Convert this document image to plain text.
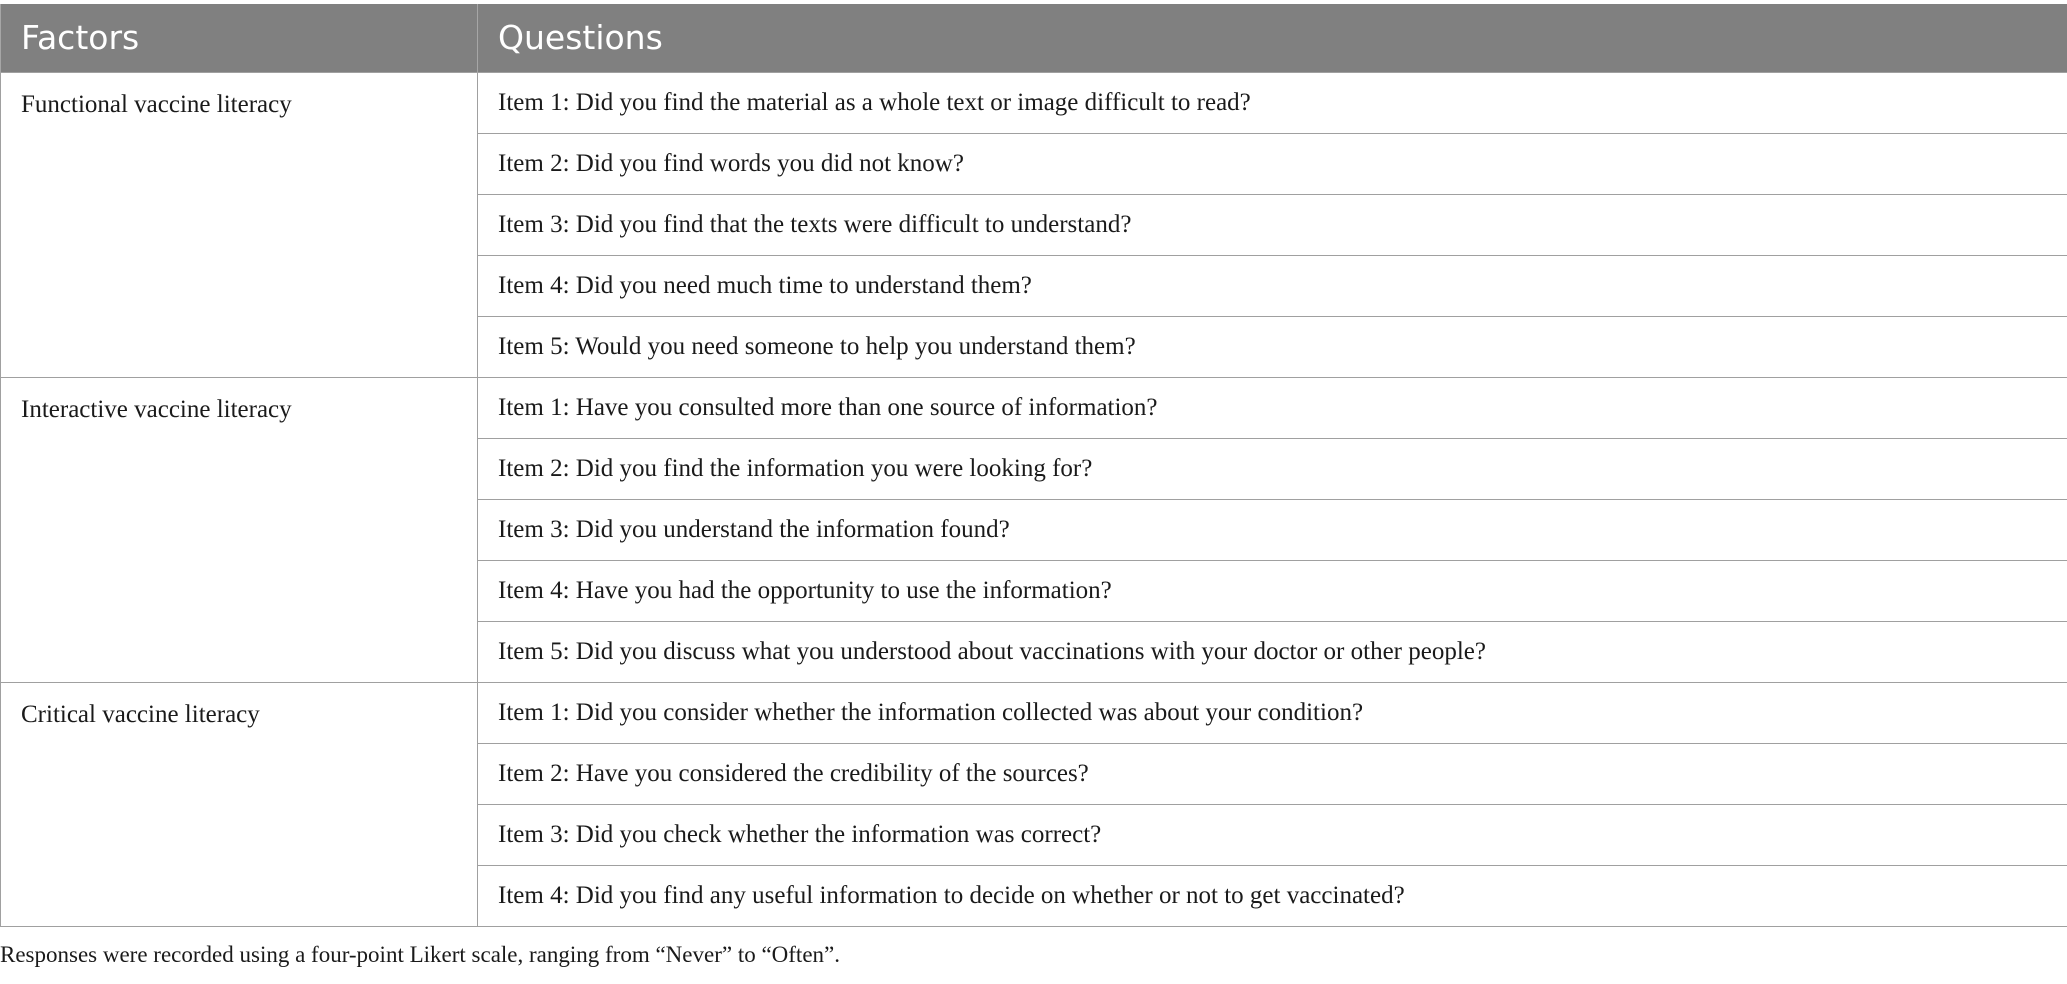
Factors	Questions
Functional vaccine literacy	Item 1: Did you find the material as a whole text or image difficult to read?
	Item 2: Did you find words you did not know?
	Item 3: Did you find that the texts were difficult to understand?
	Item 4: Did you need much time to understand them?
	Item 5: Would you need someone to help you understand them?
Interactive vaccine literacy	Item 1: Have you consulted more than one source of information?
	Item 2: Did you find the information you were looking for?
	Item 3: Did you understand the information found?
	Item 4: Have you had the opportunity to use the information?
	Item 5: Did you discuss what you understood about vaccinations with your doctor or other people?
Critical vaccine literacy	Item 1: Did you consider whether the information collected was about your condition?
	Item 2: Have you considered the credibility of the sources?
	Item 3: Did you check whether the information was correct?
	Item 4: Did you find any useful information to decide on whether or not to get vaccinated?
Responses were recorded using a four-point Likert scale, ranging from “Never” to “Often”.
